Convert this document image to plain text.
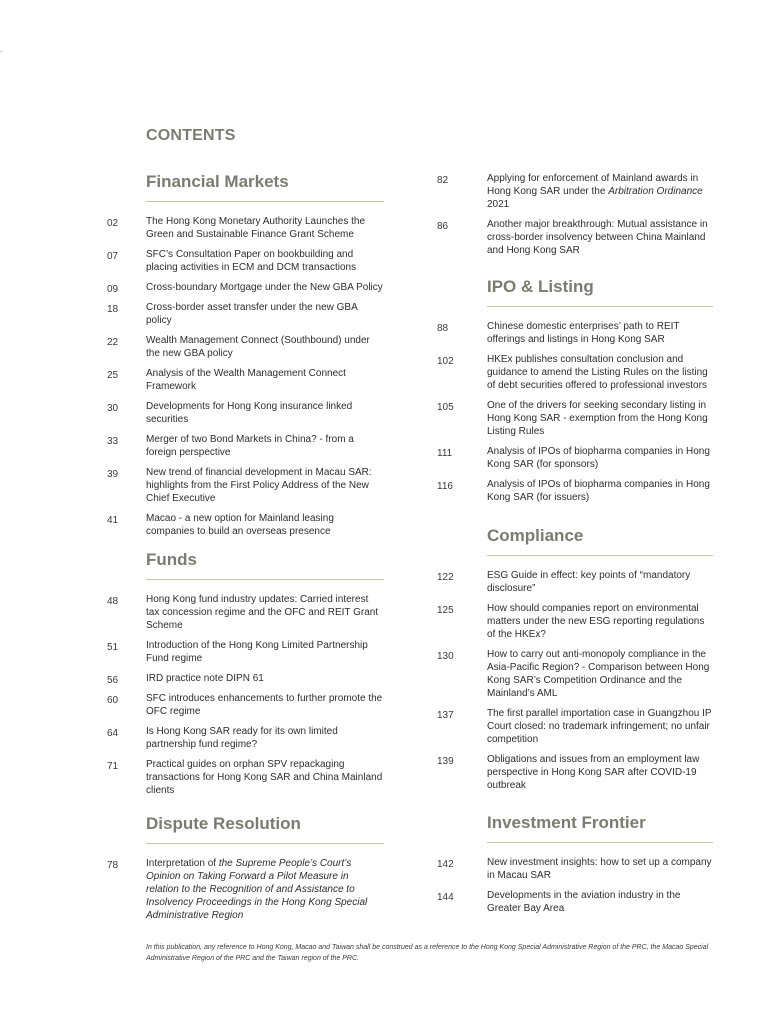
.
CONTENTS
Financial Markets
02	The Hong Kong Monetary Authority Launches the Green and Sustainable Finance Grant Scheme
07	SFC’s Consultation Paper on bookbuilding and placing activities in ECM and DCM transactions
09	Cross-boundary Mortgage under the New GBA Policy
18	Cross-border asset transfer under the new GBA policy
22	Wealth Management Connect (Southbound) under the new GBA policy
25	Analysis of the Wealth Management Connect Framework
30	Developments for Hong Kong insurance linked securities
33	Merger of two Bond Markets in China? - from a foreign perspective
39	New trend of financial development in Macau SAR: highlights from the First Policy Address of the New Chief Executive
41	Macao - a new option for Mainland leasing companies to build an overseas presence
Funds
48	Hong Kong fund industry updates: Carried interest tax concession regime and the OFC and REIT Grant Scheme
51	Introduction of the Hong Kong Limited Partnership Fund regime
56	IRD practice note DIPN 61
60	SFC introduces enhancements to further promote the OFC regime
64	Is Hong Kong SAR ready for its own limited partnership fund regime?
71	Practical guides on orphan SPV repackaging transactions for Hong Kong SAR and China Mainland clients
Dispute Resolution
78	Interpretation of the Supreme People’s Court’s Opinion on Taking Forward a Pilot Measure in relation to the Recognition of and Assistance to Insolvency Proceedings in the Hong Kong Special Administrative Region
82	Applying for enforcement of Mainland awards in Hong Kong SAR under the Arbitration Ordinance 2021
86	Another major breakthrough: Mutual assistance in cross-border insolvency between China Mainland and Hong Kong SAR
IPO & Listing
88	Chinese domestic enterprises’ path to REIT offerings and listings in Hong Kong SAR
102	HKEx publishes consultation conclusion and guidance to amend the Listing Rules on the listing of debt securities offered to professional investors
105	One of the drivers for seeking secondary listing in Hong Kong SAR - exemption from the Hong Kong Listing Rules
111	Analysis of IPOs of biopharma companies in Hong Kong SAR (for sponsors)
116	Analysis of IPOs of biopharma companies in Hong Kong SAR (for issuers)
Compliance
122	ESG Guide in effect: key points of “mandatory disclosure”
125	How should companies report on environmental matters under the new ESG reporting regulations of the HKEx?
130	How to carry out anti-monopoly compliance in the Asia-Pacific Region? - Comparison between Hong Kong SAR’s Competition Ordinance and the Mainland’s AML
137	The first parallel importation case in Guangzhou IP Court closed: no trademark infringement; no unfair competition
139	Obligations and issues from an employment law perspective in Hong Kong SAR after COVID-19 outbreak
Investment Frontier
142	New investment insights: how to set up a company in Macau SAR
144	Developments in the aviation industry in the Greater Bay Area
In this publication, any reference to Hong Kong, Macao and Taiwan shall be construed as a reference to the Hong Kong Special Administrative Region of the PRC, the Macao Special Administrative Region of the PRC and the Taiwan region of the PRC.
